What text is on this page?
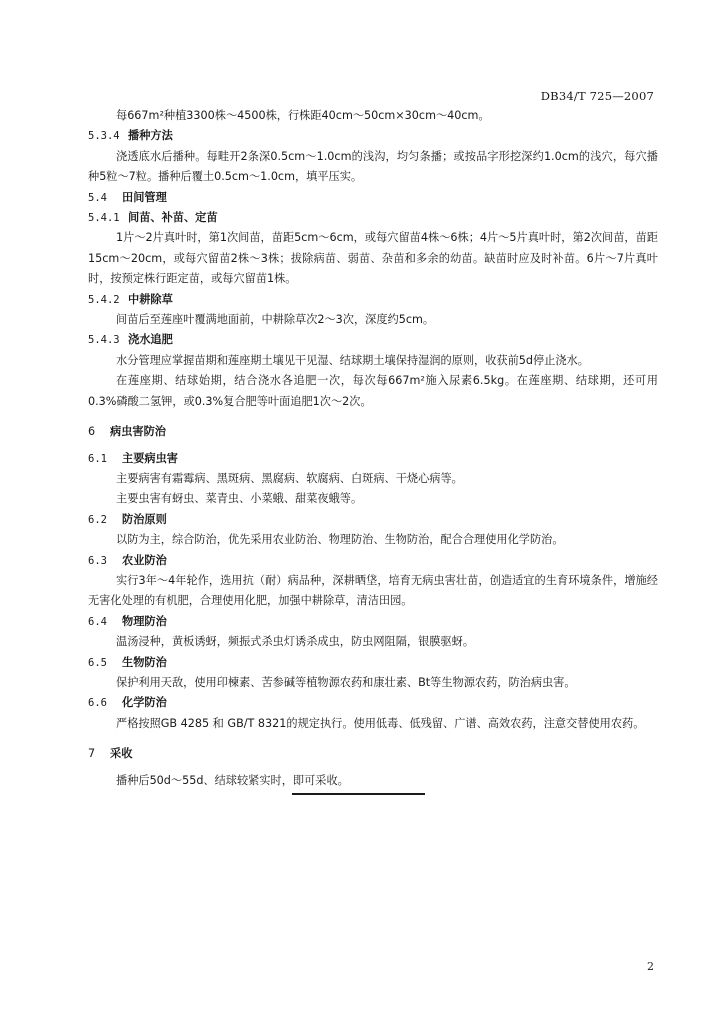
DB34/T 725—2007

每667m²种植3300株～4500株，行株距40cm～50cm×30cm～40cm。

5.3.4 播种方法

浇透底水后播种。每畦开2条深0.5cm～1.0cm的浅沟，均匀条播；或按品字形挖深约1.0cm的浅穴，每穴播种5粒～7粒。播种后覆土0.5cm～1.0cm，填平压实。

5.4 田间管理

5.4.1 间苗、补苗、定苗

1片～2片真叶时，第1次间苗，苗距5cm～6cm，或每穴留苗4株～6株；4片～5片真叶时，第2次间苗，苗距15cm～20cm，或每穴留苗2株～3株；拔除病苗、弱苗、杂苗和多余的幼苗。缺苗时应及时补苗。6片～7片真叶时，按预定株行距定苗，或每穴留苗1株。

5.4.2 中耕除草

间苗后至莲座叶覆满地面前，中耕除草次2～3次，深度约5cm。

5.4.3 浇水追肥

水分管理应掌握苗期和莲座期土壤见干见湿、结球期土壤保持湿润的原则，收获前5d停止浇水。

在莲座期、结球始期，结合浇水各追肥一次，每次每667m²施入尿素6.5kg。在莲座期、结球期，还可用0.3%磷酸二氢钾，或0.3%复合肥等叶面追肥1次～2次。

6 病虫害防治

6.1 主要病虫害

主要病害有霜霉病、黑斑病、黑腐病、软腐病、白斑病、干烧心病等。

主要虫害有蚜虫、菜青虫、小菜蛾、甜菜夜蛾等。

6.2 防治原则

以防为主，综合防治，优先采用农业防治、物理防治、生物防治，配合合理使用化学防治。

6.3 农业防治

实行3年～4年轮作，选用抗（耐）病品种，深耕晒垡，培育无病虫害壮苗，创造适宜的生育环境条件，增施经无害化处理的有机肥，合理使用化肥，加强中耕除草，清洁田园。

6.4 物理防治

温汤浸种，黄板诱蚜，频振式杀虫灯诱杀成虫，防虫网阻隔，银膜驱蚜。

6.5 生物防治

保护利用天敌，使用印楝素、苦参碱等植物源农药和康壮素、Bt等生物源农药，防治病虫害。

6.6 化学防治

严格按照GB 4285 和 GB/T 8321的规定执行。使用低毒、低残留、广谱、高效农药，注意交替使用农药。

7 采收

播种后50d～55d、结球较紧实时，即可采收。

2
